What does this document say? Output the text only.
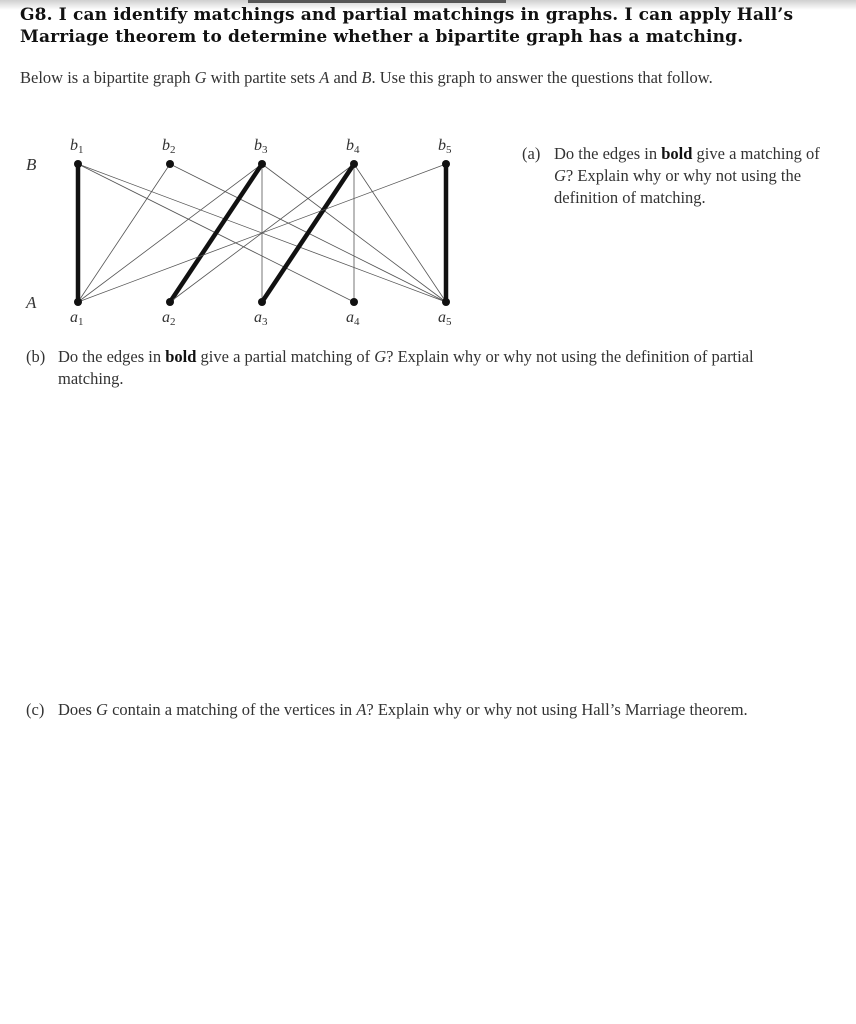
G8. I can identify matchings and partial matchings in graphs. I can apply Hall’s
Marriage theorem to determine whether a bipartite graph has a matching.

Below is a bipartite graph G with partite sets A and B. Use this graph to answer the questions that follow.

B
A
b1	b2	b3	b4	b5
a1	a2	a3	a4	a5
(a) Do the edges in bold give a matching of G? Explain why or why not using the definition of matching.
(b) Do the edges in bold give a partial matching of G? Explain why or why not using the definition of partial matching.
(c) Does G contain a matching of the vertices in A? Explain why or why not using Hall’s Marriage theorem.
